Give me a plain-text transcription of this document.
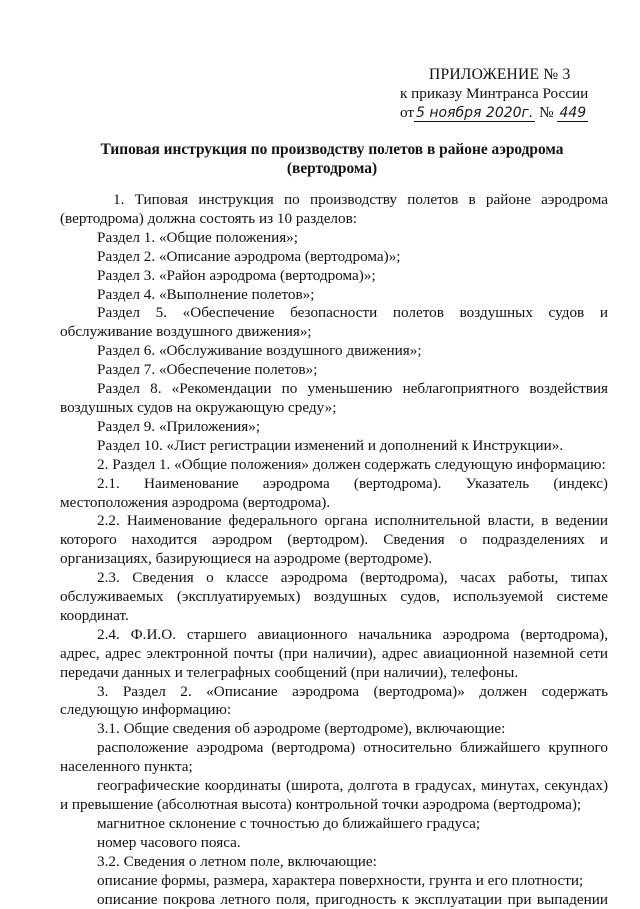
ПРИЛОЖЕНИЕ № 3
к приказу Минтранса России
от 5 ноября 2020г. № 449
Типовая инструкция по производству полетов в районе аэродрома (вертодрома)

1. Типовая инструкция по производству полетов в районе аэродрома (вертодрома) должна состоять из 10 разделов:

Раздел 1. «Общие положения»;
Раздел 2. «Описание аэродрома (вертодрома)»;
Раздел 3. «Район аэродрома (вертодрома)»;
Раздел 4. «Выполнение полетов»;

Раздел 5. «Обеспечение безопасности полетов воздушных судов и обслуживание воздушного движения»;

Раздел 6. «Обслуживание воздушного движения»;
Раздел 7. «Обеспечение полетов»;

Раздел 8. «Рекомендации по уменьшению неблагоприятного воздействия воздушных судов на окружающую среду»;

Раздел 9. «Приложения»;
Раздел 10. «Лист регистрации изменений и дополнений к Инструкции».
2. Раздел 1. «Общие положения» должен содержать следующую информацию:

2.1. Наименование аэродрома (вертодрома). Указатель (индекс) местоположения аэродрома (вертодрома).

2.2. Наименование федерального органа исполнительной власти, в ведении которого находится аэродром (вертодром). Сведения о подразделениях и организациях, базирующиеся на аэродроме (вертодроме).

2.3. Сведения о классе аэродрома (вертодрома), часах работы, типах обслуживаемых (эксплуатируемых) воздушных судов, используемой системе координат.

2.4. Ф.И.О. старшего авиационного начальника аэродрома (вертодрома), адрес, адрес электронной почты (при наличии), адрес авиационной наземной сети передачи данных и телеграфных сообщений (при наличии), телефоны.

3. Раздел 2. «Описание аэродрома (вертодрома)» должен содержать следующую информацию:

3.1. Общие сведения об аэродроме (вертодроме), включающие:

расположение аэродрома (вертодрома) относительно ближайшего крупного населенного пункта;

географические координаты (широта, долгота в градусах, минутах, секундах) и превышение (абсолютная высота) контрольной точки аэродрома (вертодрома);

магнитное склонение с точностью до ближайшего градуса;
номер часового пояса.
3.2. Сведения о летном поле, включающие:
описание формы, размера, характера поверхности, грунта и его плотности;

описание покрова летного поля, пригодность к эксплуатации при выпадении
